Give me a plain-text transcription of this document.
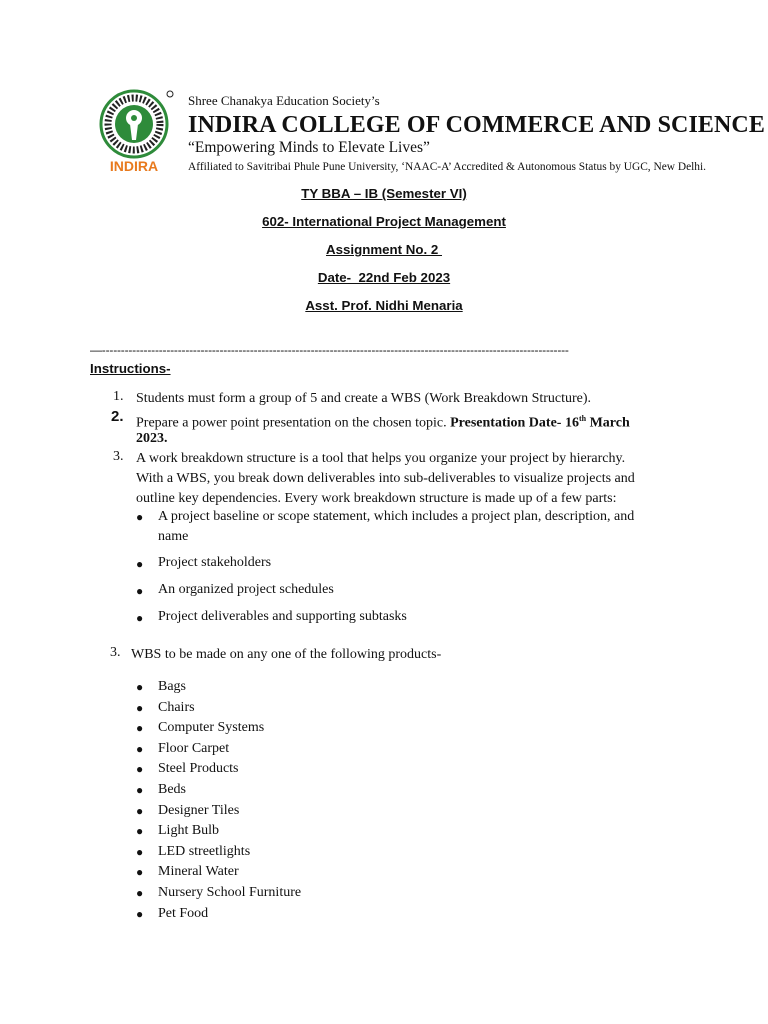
INDIRA
Shree Chanakya Education Society’s
INDIRA COLLEGE OF COMMERCE AND SCIENCE
“Empowering Minds to Elevate Lives”
Affiliated to Savitribai Phule Pune University, ‘NAAC-A’ Accredited & Autonomous Status by UGC, New Delhi.
TY BBA – IB (Semester VI)
602- International Project Management
Assignment No. 2
Date-  22nd Feb 2023
Asst. Prof. Nidhi Menaria
—---------------------------------------------------------------------------------------------------------------------------
Instructions-
1. Students must form a group of 5 and create a WBS (Work Breakdown Structure).
2. Prepare a power point presentation on the chosen topic. Presentation Date- 16th March
2023.
3. A work breakdown structure is a tool that helps you organize your project by hierarchy.
With a WBS, you break down deliverables into sub-deliverables to visualize projects and
outline key dependencies. Every work breakdown structure is made up of a few parts:
● A project baseline or scope statement, which includes a project plan, description, and
name
● Project stakeholders
● An organized project schedules
● Project deliverables and supporting subtasks
3. WBS to be made on any one of the following products-
● Bags
● Chairs
● Computer Systems
● Floor Carpet
● Steel Products
● Beds
● Designer Tiles
● Light Bulb
● LED streetlights
● Mineral Water
● Nursery School Furniture
● Pet Food
